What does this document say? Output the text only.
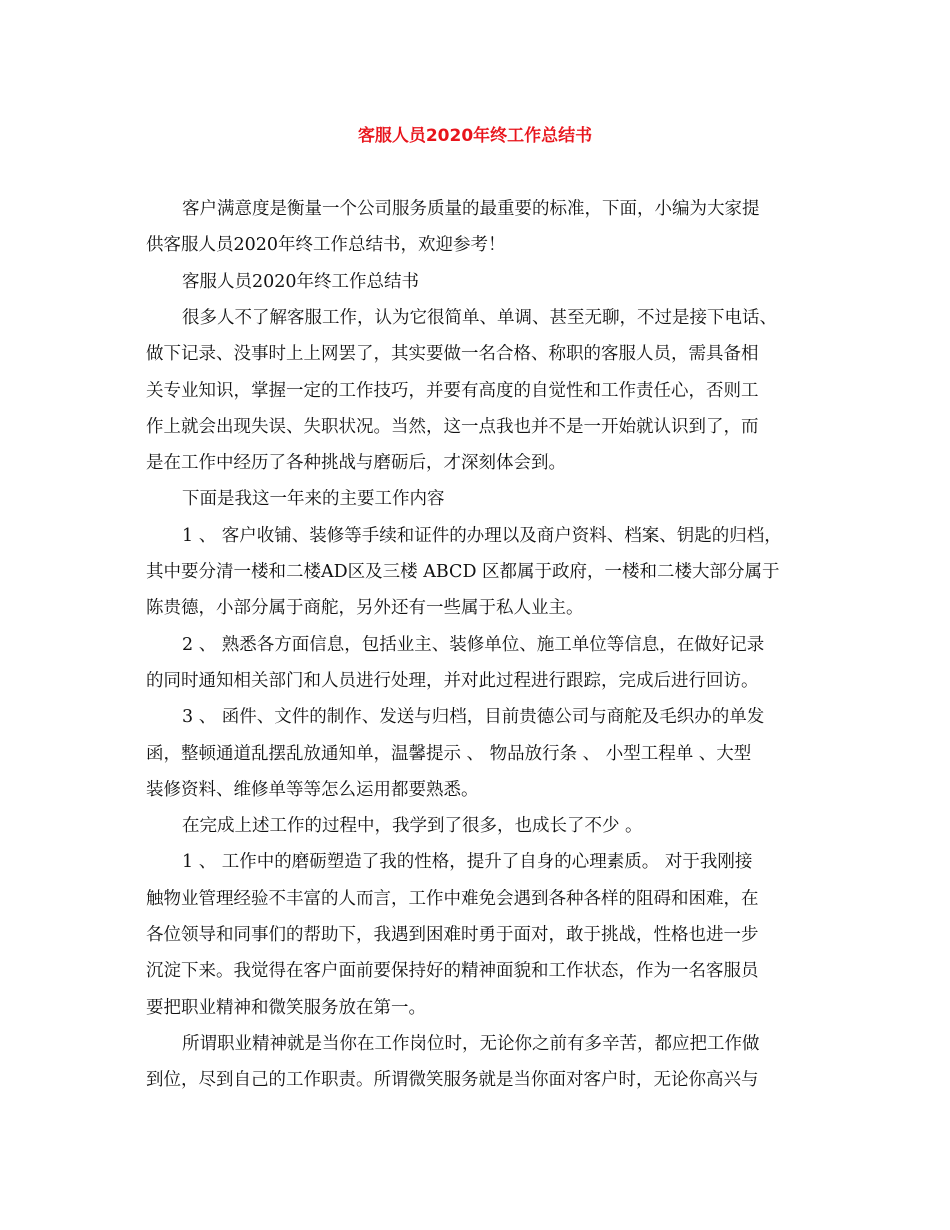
客服人员2020年终工作总结书
客户满意度是衡量一个公司服务质量的最重要的标准，下面，小编为大家提
供客服人员2020年终工作总结书，欢迎参考！
客服人员2020年终工作总结书
很多人不了解客服工作，认为它很简单、单调、甚至无聊，不过是接下电话、
做下记录、没事时上上网罢了，其实要做一名合格、称职的客服人员，需具备相
关专业知识，掌握一定的工作技巧，并要有高度的自觉性和工作责任心，否则工
作上就会出现失误、失职状况。当然，这一点我也并不是一开始就认识到了，而
是在工作中经历了各种挑战与磨砺后，才深刻体会到。
下面是我这一年来的主要工作内容
1 、 客户收铺、装修等手续和证件的办理以及商户资料、档案、钥匙的归档，
其中要分清一楼和二楼AD区及三楼 ABCD 区都属于政府，一楼和二楼大部分属于
陈贵德，小部分属于商舵，另外还有一些属于私人业主。
2 、 熟悉各方面信息，包括业主、装修单位、施工单位等信息，在做好记录
的同时通知相关部门和人员进行处理，并对此过程进行跟踪，完成后进行回访。
3 、 函件、文件的制作、发送与归档，目前贵德公司与商舵及毛织办的单发
函，整顿通道乱摆乱放通知单，温馨提示 、 物品放行条 、 小型工程单 、大型
装修资料、维修单等等怎么运用都要熟悉。
在完成上述工作的过程中，我学到了很多，也成长了不少 。
1 、 工作中的磨砺塑造了我的性格，提升了自身的心理素质。 对于我刚接
触物业管理经验不丰富的人而言，工作中难免会遇到各种各样的阻碍和困难，在
各位领导和同事们的帮助下，我遇到困难时勇于面对，敢于挑战，性格也进一步
沉淀下来。我觉得在客户面前要保持好的精神面貌和工作状态，作为一名客服员
要把职业精神和微笑服务放在第一。
所谓职业精神就是当你在工作岗位时，无论你之前有多辛苦，都应把工作做
到位，尽到自己的工作职责。所谓微笑服务就是当你面对客户时，无论你高兴与
